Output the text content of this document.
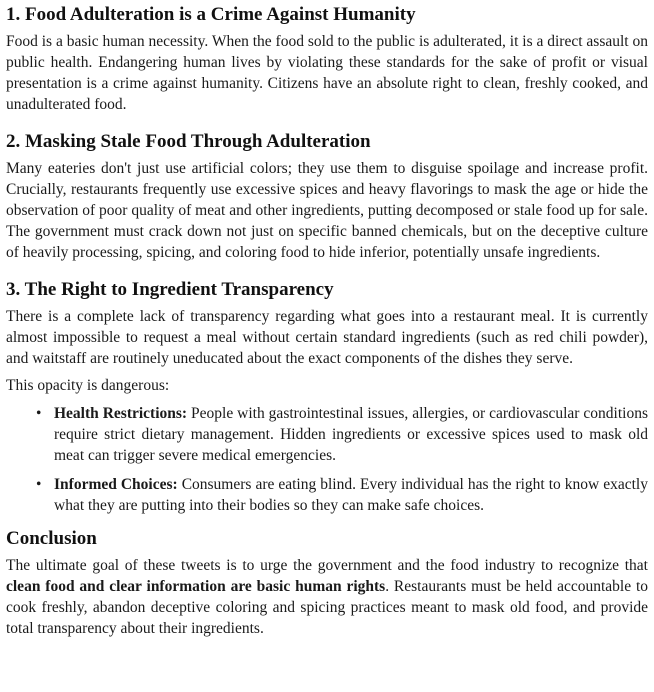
1. Food Adulteration is a Crime Against Humanity

Food is a basic human necessity. When the food sold to the public is adulterated, it is a direct assault on public health. Endangering human lives by violating these standards for the sake of profit or visual presentation is a crime against humanity. Citizens have an absolute right to clean, freshly cooked, and unadulterated food.

2. Masking Stale Food Through Adulteration

Many eateries don't just use artificial colors; they use them to disguise spoilage and increase profit. Crucially, restaurants frequently use excessive spices and heavy flavorings to mask the age or hide the observation of poor quality of meat and other ingredients, putting decomposed or stale food up for sale. The government must crack down not just on specific banned chemicals, but on the deceptive culture of heavily processing, spicing, and coloring food to hide inferior, potentially unsafe ingredients.

3. The Right to Ingredient Transparency

There is a complete lack of transparency regarding what goes into a restaurant meal. It is currently almost impossible to request a meal without certain standard ingredients (such as red chili powder), and waitstaff are routinely uneducated about the exact components of the dishes they serve.

This opacity is dangerous:

• Health Restrictions: People with gastrointestinal issues, allergies, or cardiovascular conditions require strict dietary management. Hidden ingredients or excessive spices used to mask old meat can trigger severe medical emergencies.
• Informed Choices: Consumers are eating blind. Every individual has the right to know exactly what they are putting into their bodies so they can make safe choices.
Conclusion

The ultimate goal of these tweets is to urge the government and the food industry to recognize that clean food and clear information are basic human rights. Restaurants must be held accountable to cook freshly, abandon deceptive coloring and spicing practices meant to mask old food, and provide total transparency about their ingredients.
